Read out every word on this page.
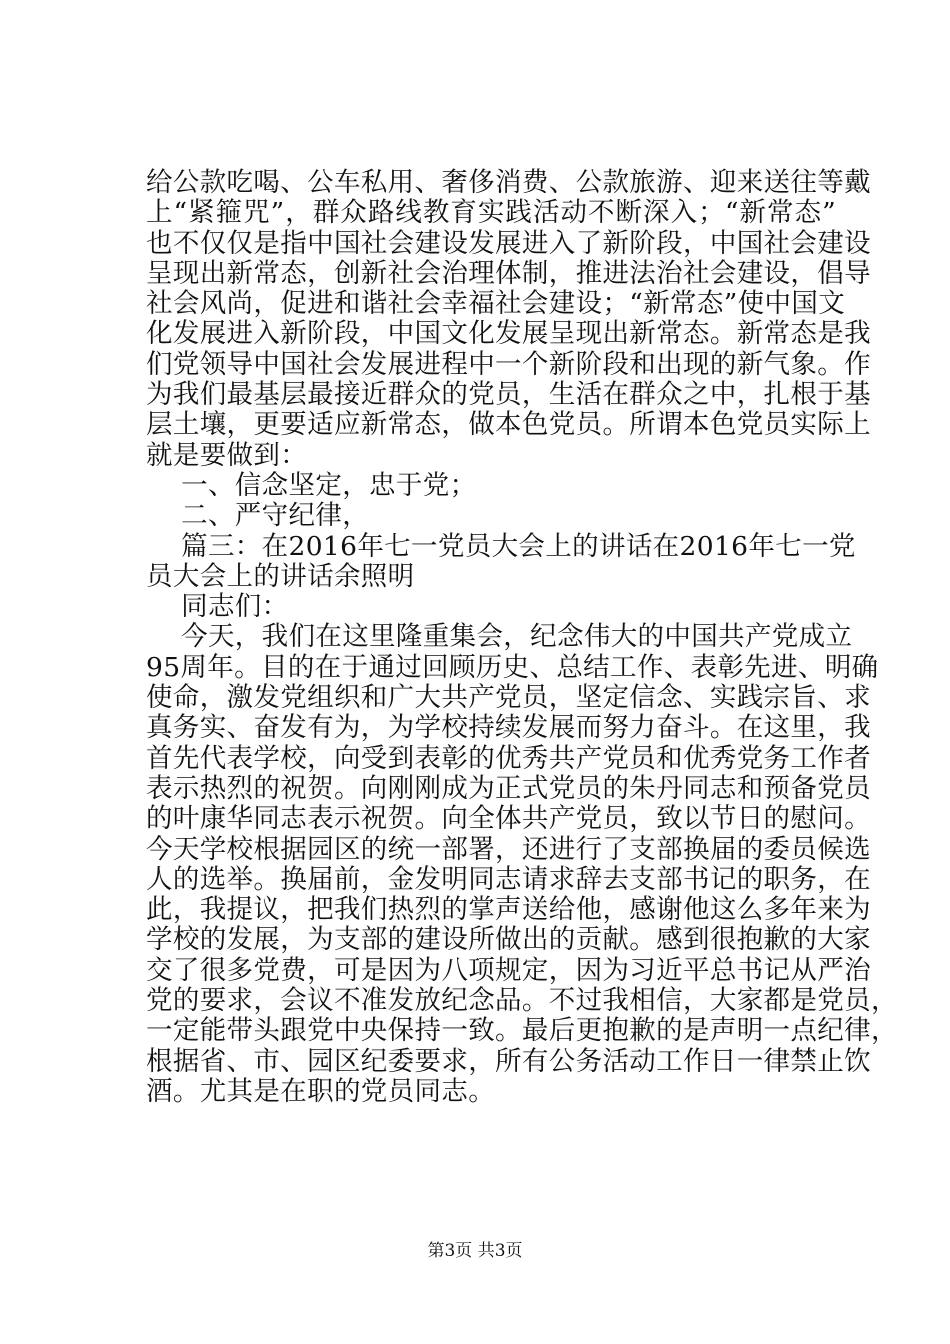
给公款吃喝、公车私用、奢侈消费、公款旅游、迎来送往等戴
上“紧箍咒”，群众路线教育实践活动不断深入；“新常态”
也不仅仅是指中国社会建设发展进入了新阶段，中国社会建设
呈现出新常态，创新社会治理体制，推进法治社会建设，倡导
社会风尚，促进和谐社会幸福社会建设；“新常态”使中国文
化发展进入新阶段，中国文化发展呈现出新常态。新常态是我
们党领导中国社会发展进程中一个新阶段和出现的新气象。作
为我们最基层最接近群众的党员，生活在群众之中，扎根于基
层土壤，更要适应新常态，做本色党员。所谓本色党员实际上
就是要做到：
一、信念坚定，忠于党；
二、严守纪律，
篇三：在2016年七一党员大会上的讲话在2016年七一党
员大会上的讲话余照明
同志们：
今天，我们在这里隆重集会，纪念伟大的中国共产党成立
95周年。目的在于通过回顾历史、总结工作、表彰先进、明确
使命，激发党组织和广大共产党员，坚定信念、实践宗旨、求
真务实、奋发有为，为学校持续发展而努力奋斗。在这里，我
首先代表学校，向受到表彰的优秀共产党员和优秀党务工作者
表示热烈的祝贺。向刚刚成为正式党员的朱丹同志和预备党员
的叶康华同志表示祝贺。向全体共产党员，致以节日的慰问。
今天学校根据园区的统一部署，还进行了支部换届的委员候选
人的选举。换届前，金发明同志请求辞去支部书记的职务，在
此，我提议，把我们热烈的掌声送给他，感谢他这么多年来为
学校的发展，为支部的建设所做出的贡献。感到很抱歉的大家
交了很多党费，可是因为八项规定，因为习近平总书记从严治
党的要求，会议不准发放纪念品。不过我相信，大家都是党员，
一定能带头跟党中央保持一致。最后更抱歉的是声明一点纪律，
根据省、市、园区纪委要求，所有公务活动工作日一律禁止饮
酒。尤其是在职的党员同志。
第3页 共3页
